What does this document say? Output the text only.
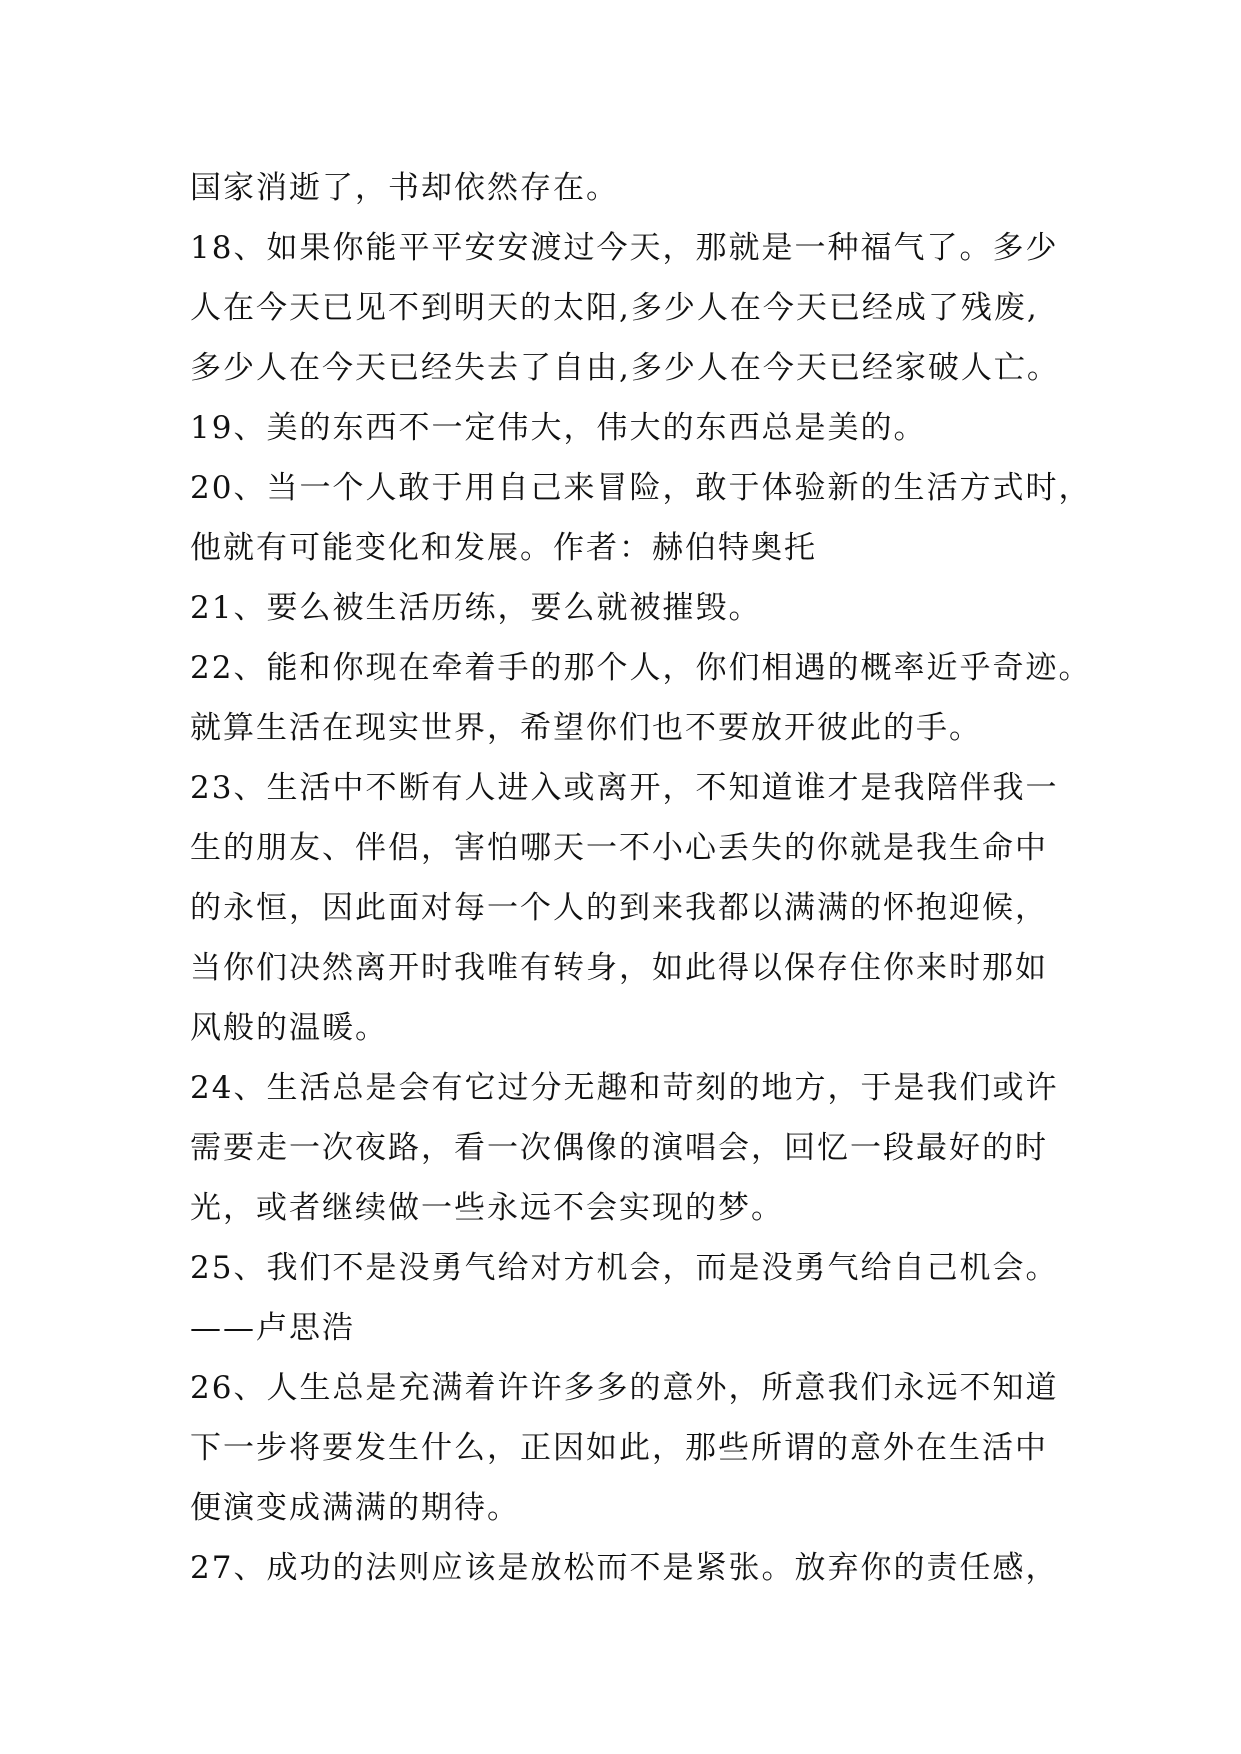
国家消逝了，书却依然存在。
18、如果你能平平安安渡过今天，那就是一种福气了。多少
人在今天已见不到明天的太阳,多少人在今天已经成了残废,
多少人在今天已经失去了自由,多少人在今天已经家破人亡。
19、美的东西不一定伟大，伟大的东西总是美的。
20、当一个人敢于用自己来冒险，敢于体验新的生活方式时，
他就有可能变化和发展。作者：赫伯特奥托
21、要么被生活历练，要么就被摧毁。
22、能和你现在牵着手的那个人，你们相遇的概率近乎奇迹。
就算生活在现实世界，希望你们也不要放开彼此的手。
23、生活中不断有人进入或离开，不知道谁才是我陪伴我一
生的朋友、伴侣，害怕哪天一不小心丢失的你就是我生命中
的永恒，因此面对每一个人的到来我都以满满的怀抱迎候，
当你们决然离开时我唯有转身，如此得以保存住你来时那如
风般的温暖。
24、生活总是会有它过分无趣和苛刻的地方，于是我们或许
需要走一次夜路，看一次偶像的演唱会，回忆一段最好的时
光，或者继续做一些永远不会实现的梦。
25、我们不是没勇气给对方机会，而是没勇气给自己机会。
——卢思浩
26、人生总是充满着许许多多的意外，所意我们永远不知道
下一步将要发生什么，正因如此，那些所谓的意外在生活中
便演变成满满的期待。
27、成功的法则应该是放松而不是紧张。放弃你的责任感，
